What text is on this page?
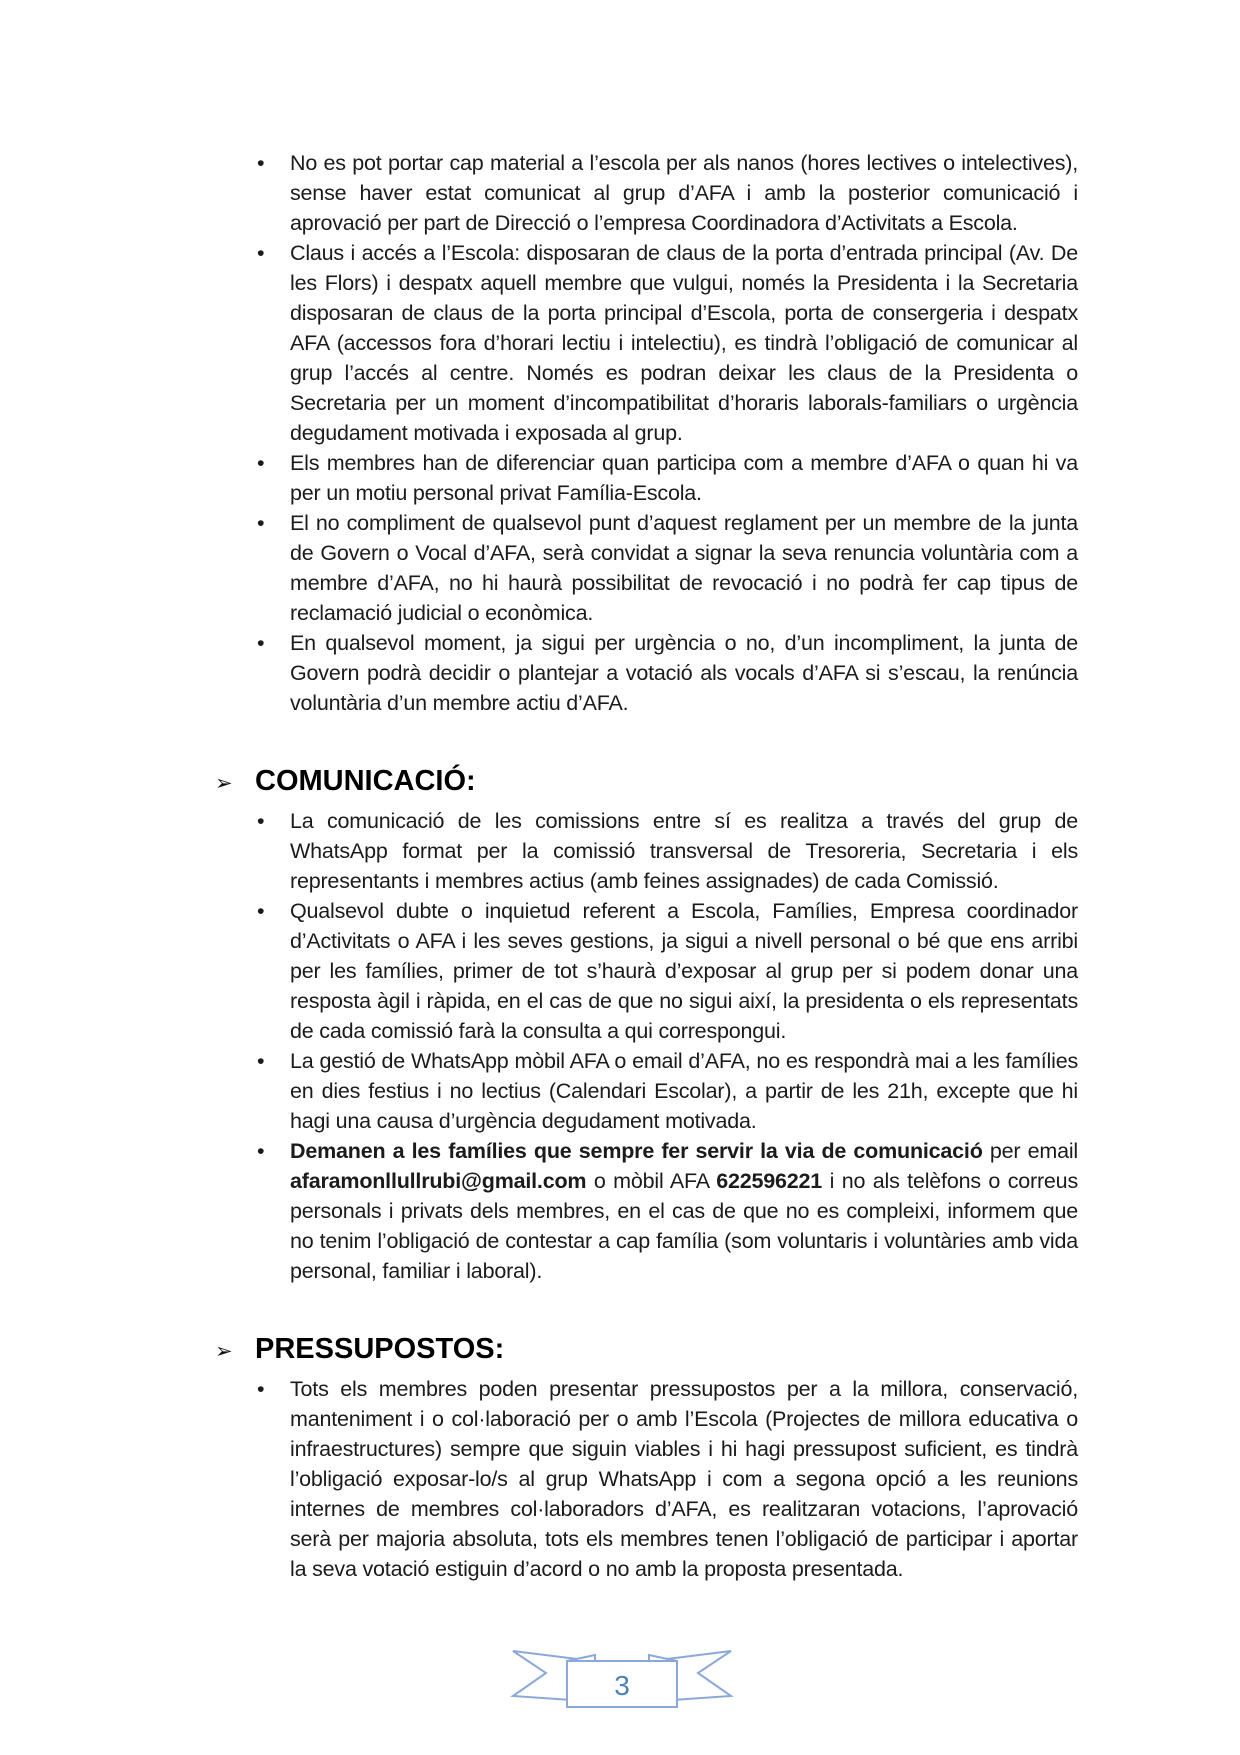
• No es pot portar cap material a l’escola per als nanos (hores lectives o intelectives), sense haver estat comunicat al grup d’AFA i amb la posterior comunicació i aprovació per part de Direcció o l’empresa Coordinadora d’Activitats a Escola.
• Claus i accés a l’Escola: disposaran de claus de la porta d’entrada principal (Av. De les Flors) i despatx aquell membre que vulgui, només la Presidenta i la Secretaria disposaran de claus de la porta principal d’Escola, porta de consergeria i despatx AFA (accessos fora d’horari lectiu i intelectiu), es tindrà l’obligació de comunicar al grup l’accés al centre. Només es podran deixar les claus de la Presidenta o Secretaria per un moment d’incompatibilitat d’horaris laborals-familiars o urgència degudament motivada i exposada al grup.
• Els membres han de diferenciar quan participa com a membre d’AFA o quan hi va per un motiu personal privat Família-Escola.
• El no compliment de qualsevol punt d’aquest reglament per un membre de la junta de Govern o Vocal d’AFA, serà convidat a signar la seva renuncia voluntària com a membre d’AFA, no hi haurà possibilitat de revocació i no podrà fer cap tipus de reclamació judicial o econòmica.
• En qualsevol moment, ja sigui per urgència o no, d’un incompliment, la junta de Govern podrà decidir o plantejar a votació als vocals d’AFA si s’escau, la renúncia voluntària d’un membre actiu d’AFA.
➢ COMUNICACIÓ:
• La comunicació de les comissions entre sí es realitza a través del grup de WhatsApp format per la comissió transversal de Tresoreria, Secretaria i els representants i membres actius (amb feines assignades) de cada Comissió.
• Qualsevol dubte o inquietud referent a Escola, Famílies, Empresa coordinador d’Activitats o AFA i les seves gestions, ja sigui a nivell personal o bé que ens arribi per les famílies, primer de tot s’haurà d’exposar al grup per si podem donar una resposta àgil i ràpida, en el cas de que no sigui així, la presidenta o els representats de cada comissió farà la consulta a qui correspongui.
• La gestió de WhatsApp mòbil AFA o email d’AFA, no es respondrà mai a les famílies en dies festius i no lectius (Calendari Escolar), a partir de les 21h, excepte que hi hagi una causa d’urgència degudament motivada.
• Demanen a les famílies que sempre fer servir la via de comunicació per email afaramonllullrubi@gmail.com o mòbil AFA 622596221 i no als telèfons o correus personals i privats dels membres, en el cas de que no es compleixi, informem que no tenim l’obligació de contestar a cap família (som voluntaris i voluntàries amb vida personal, familiar i laboral).
➢ PRESSUPOSTOS:
• Tots els membres poden presentar pressupostos per a la millora, conservació, manteniment i o col·laboració per o amb l’Escola (Projectes de millora educativa o infraestructures) sempre que siguin viables i hi hagi pressupost suficient, es tindrà l’obligació exposar-lo/s al grup WhatsApp i com a segona opció a les reunions internes de membres col·laboradors d’AFA, es realitzaran votacions, l’aprovació serà per majoria absoluta, tots els membres tenen l’obligació de participar i aportar la seva votació estiguin d’acord o no amb la proposta presentada.
3
